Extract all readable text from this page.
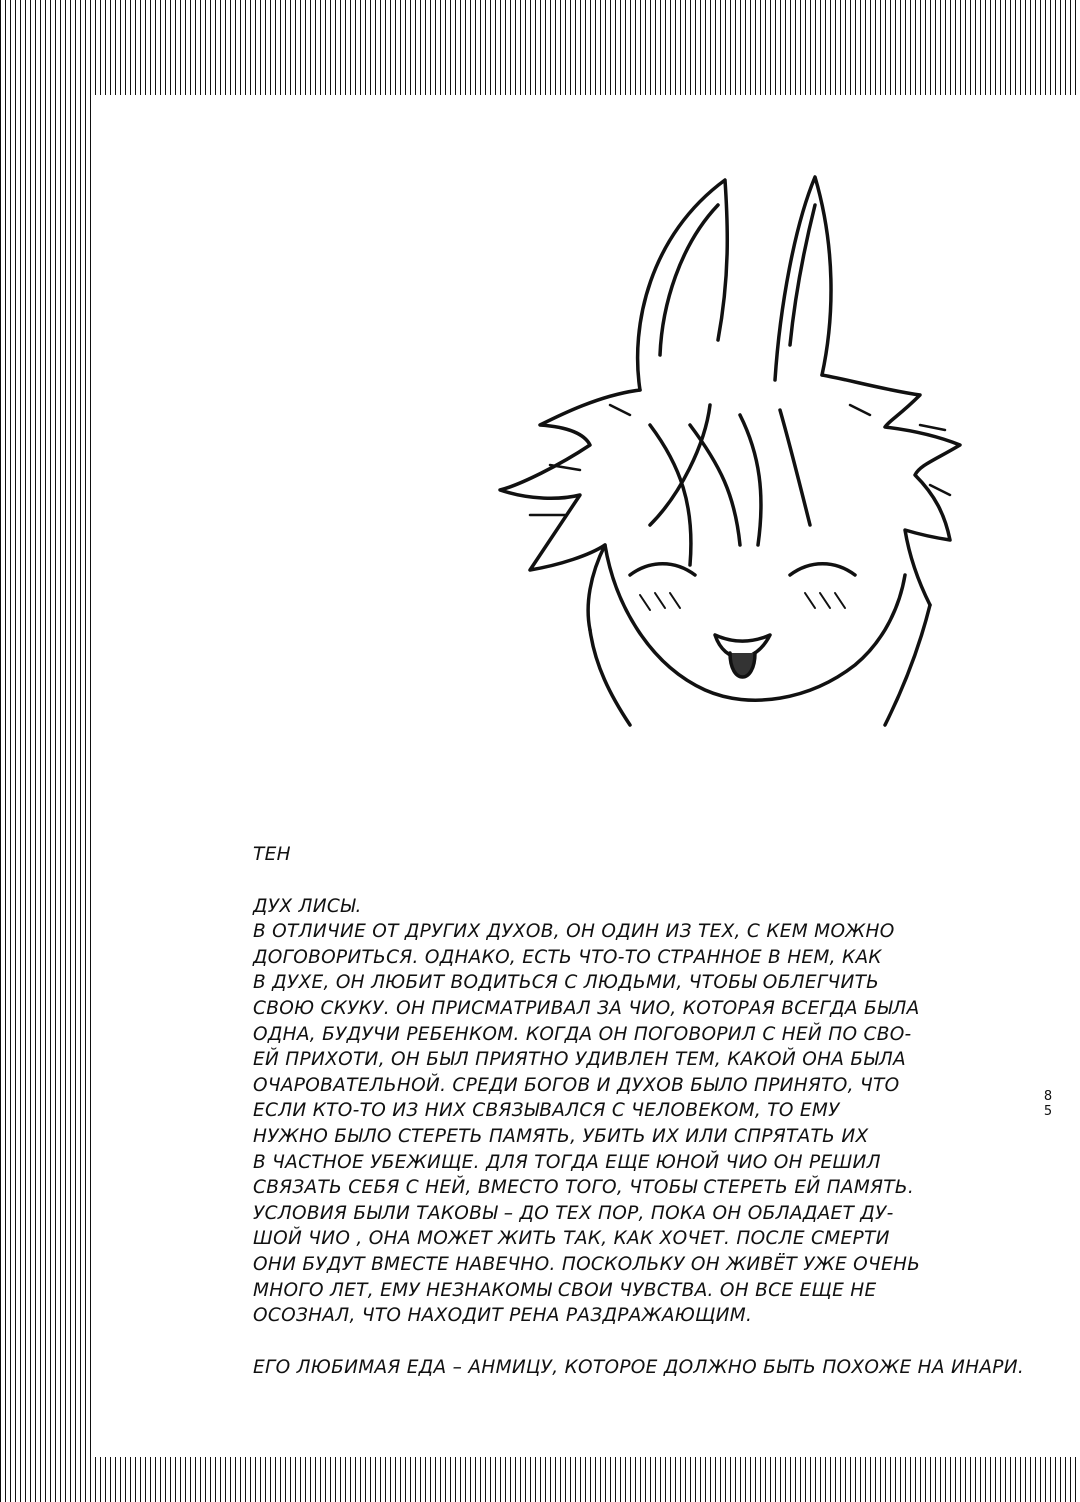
ТЕН

ДУХ ЛИСЫ.
В ОТЛИЧИЕ ОТ ДРУГИХ ДУХОВ, ОН ОДИН ИЗ ТЕХ, С КЕМ МОЖНО
ДОГОВОРИТЬСЯ. ОДНАКО, ЕСТЬ ЧТО-ТО СТРАННОЕ В НЕМ, КАК
В ДУХЕ, ОН ЛЮБИТ ВОДИТЬСЯ С ЛЮДЬМИ, ЧТОБЫ ОБЛЕГЧИТЬ
СВОЮ СКУКУ. ОН ПРИСМАТРИВАЛ ЗА ЧИО, КОТОРАЯ ВСЕГДА БЫЛА
ОДНА, БУДУЧИ РЕБЕНКОМ. КОГДА ОН ПОГОВОРИЛ С НЕЙ ПО СВО-
ЕЙ ПРИХОТИ, ОН БЫЛ ПРИЯТНО УДИВЛЕН ТЕМ, КАКОЙ ОНА БЫЛА
ОЧАРОВАТЕЛЬНОЙ. СРЕДИ БОГОВ И ДУХОВ БЫЛО ПРИНЯТО, ЧТО
ЕСЛИ КТО-ТО ИЗ НИХ СВЯЗЫВАЛСЯ С ЧЕЛОВЕКОМ, ТО ЕМУ
НУЖНО БЫЛО СТЕРЕТЬ ПАМЯТЬ, УБИТЬ ИХ ИЛИ СПРЯТАТЬ ИХ
В ЧАСТНОЕ УБЕЖИЩЕ. ДЛЯ ТОГДА ЕЩЕ ЮНОЙ ЧИО ОН РЕШИЛ
СВЯЗАТЬ СЕБЯ С НЕЙ, ВМЕСТО ТОГО, ЧТОБЫ СТЕРЕТЬ ЕЙ ПАМЯТЬ.
УСЛОВИЯ БЫЛИ ТАКОВЫ – ДО ТЕХ ПОР, ПОКА ОН ОБЛАДАЕТ ДУ-
ШОЙ ЧИО , ОНА МОЖЕТ ЖИТЬ ТАК, КАК ХОЧЕТ. ПОСЛЕ СМЕРТИ
ОНИ БУДУТ ВМЕСТЕ НАВЕЧНО. ПОСКОЛЬКУ ОН ЖИВЁТ УЖЕ ОЧЕНЬ
МНОГО ЛЕТ, ЕМУ НЕЗНАКОМЫ СВОИ ЧУВСТВА. ОН ВСЕ ЕЩЕ НЕ
ОСОЗНАЛ, ЧТО НАХОДИТ РЕНА РАЗДРАЖАЮЩИМ.

ЕГО ЛЮБИМАЯ ЕДА – АНМИЦУ, КОТОРОЕ ДОЛЖНО БЫТЬ ПОХОЖЕ НА ИНАРИ.

85
